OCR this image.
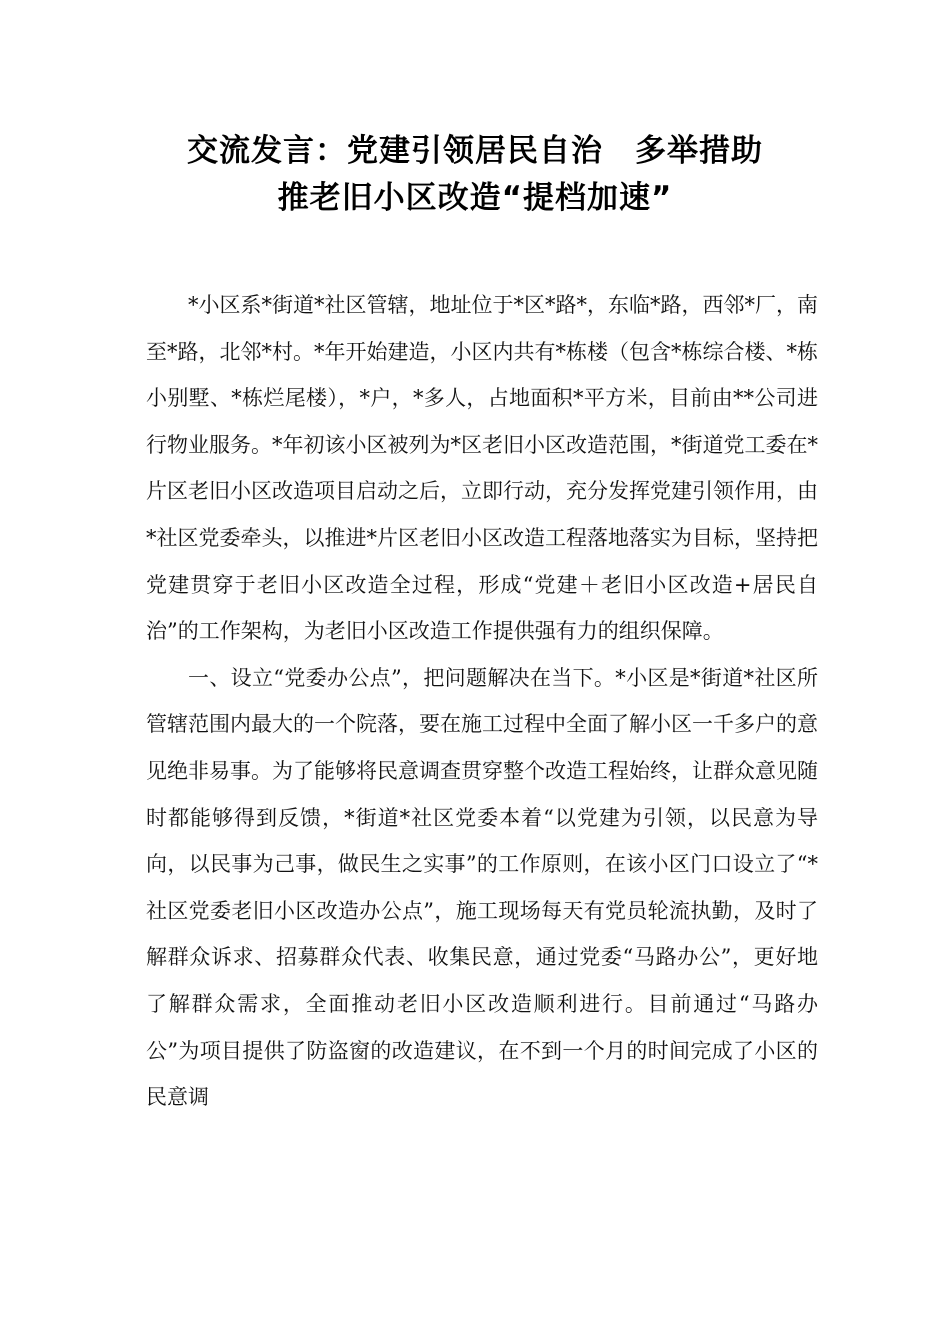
交流发言：党建引领居民自治　多举措助
推老旧小区改造“提档加速”

*小区系*街道*社区管辖，地址位于*区*路*，东临*路，西邻*厂，南至*路，北邻*村。*年开始建造，小区内共有*栋楼（包含*栋综合楼、*栋小别墅、*栋烂尾楼），*户，*多人，占地面积*平方米，目前由**公司进行物业服务。*年初该小区被列为*区老旧小区改造范围，*街道党工委在*片区老旧小区改造项目启动之后，立即行动，充分发挥党建引领作用，由*社区党委牵头，以推进*片区老旧小区改造工程落地落实为目标，坚持把党建贯穿于老旧小区改造全过程，形成“党建＋老旧小区改造+居民自治”的工作架构，为老旧小区改造工作提供强有力的组织保障。

一、设立“党委办公点”，把问题解决在当下。*小区是*街道*社区所管辖范围内最大的一个院落，要在施工过程中全面了解小区一千多户的意见绝非易事。为了能够将民意调查贯穿整个改造工程始终，让群众意见随时都能够得到反馈，*街道*社区党委本着“以党建为引领，以民意为导向，以民事为己事，做民生之实事”的工作原则，在该小区门口设立了“*社区党委老旧小区改造办公点”，施工现场每天有党员轮流执勤，及时了解群众诉求、招募群众代表、收集民意，通过党委“马路办公”，更好地了解群众需求，全面推动老旧小区改造顺利进行。目前通过“马路办公”为项目提供了防盗窗的改造建议，在不到一个月的时间完成了小区的民意调
